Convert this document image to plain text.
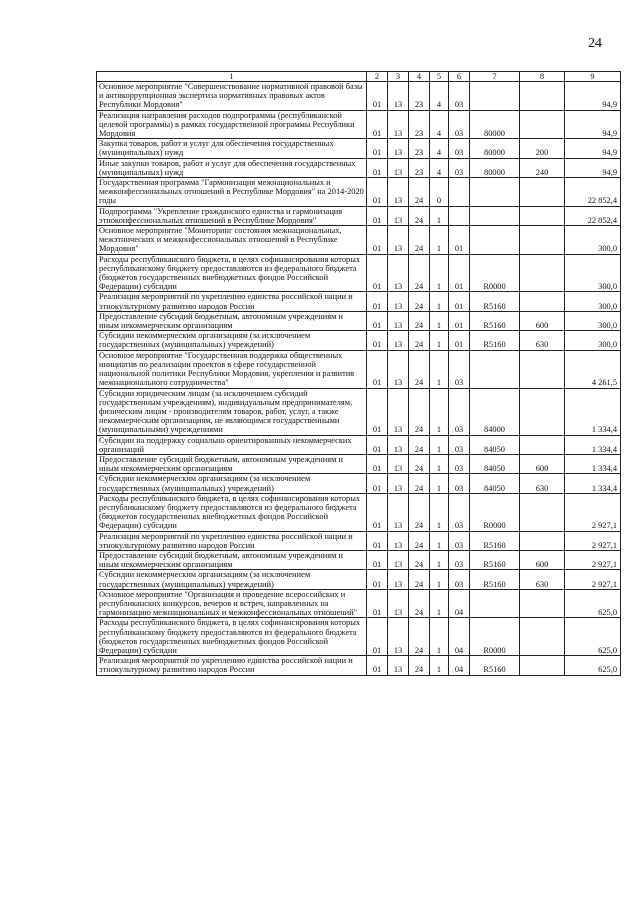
24
1	2	3	4	5	6	7	8	9
Основное мероприятие "Совершенствование нормативной правовой базы и антикоррупционная экспертиза нормативных правовых актов Республики Мордовия"	01	13	23	4	03			94,9
Реализация направления расходов подпрограммы (республиканской целевой программы) в рамках государственной программы Республики Мордовия	01	13	23	4	03	80000		94,9
Закупка товаров, работ и услуг для обеспечения государственных (муниципальных) нужд	01	13	23	4	03	80000	200	94,9
Иные закупки товаров, работ и услуг для обеспечения государственных (муниципальных) нужд	01	13	23	4	03	80000	240	94,9
Государственная программа "Гармонизация межнациональных и межконфессиональных отношений в Республике Мордовия" на 2014-2020 годы	01	13	24	0				22 852,4
Подпрограмма "Укрепление гражданского единства и гармонизация этноконфессиональных отношений в Республике Мордовия"	01	13	24	1				22 852,4
Основное мероприятие "Мониторинг состояния межнациональных, межэтнических и межконфессиональных отношений в Республике Мордовия"	01	13	24	1	01			300,0
Расходы республиканского бюджета, в целях софинансирования которых республиканскому бюджету предоставляются из федерального бюджета (бюджетов государственных внебюджетных фондов Российской Федерации) субсидии	01	13	24	1	01	R0000		300,0
Реализация мероприятий по укреплению единства российской нации и этнокультурному развитию народов России	01	13	24	1	01	R5160		300,0
Предоставление субсидий бюджетным, автономным учреждениям и иным некоммерческим организациям	01	13	24	1	01	R5160	600	300,0
Субсидии некоммерческим организациям (за исключением государственных (муниципальных) учреждений)	01	13	24	1	01	R5160	630	300,0
Основное мероприятие "Государственная поддержка общественных инициатив по реализации проектов в сфере государственной национальной политики Республики Мордовия, укрепления и развития межнационального сотрудничества"	01	13	24	1	03			4 261,5
Субсидии юридическим лицам (за исключением субсидий государственным учреждениям), индивидуальным предпринимателям, физическим лицам - производителям товаров, работ, услуг, а также некоммерческим организациям, не являющимся государственными (муниципальными) учреждениями	01	13	24	1	03	84000		1 334,4
Субсидии на поддержку социально ориентированных некоммерческих организаций	01	13	24	1	03	84050		1 334,4
Предоставление субсидий бюджетным, автономным учреждениям и иным некоммерческим организациям	01	13	24	1	03	84050	600	1 334,4
Субсидии некоммерческим организациям (за исключением государственных (муниципальных) учреждений)	01	13	24	1	03	84050	630	1 334,4
Расходы республиканского бюджета, в целях софинансирования которых республиканскому бюджету предоставляются из федерального бюджета (бюджетов государственных внебюджетных фондов Российской Федерации) субсидии	01	13	24	1	03	R0000		2 927,1
Реализация мероприятий по укреплению единства российской нации и этнокультурному развитию народов России	01	13	24	1	03	R5160		2 927,1
Предоставление субсидий бюджетным, автономным учреждениям и иным некоммерческим организациям	01	13	24	1	03	R5160	600	2 927,1
Субсидии некоммерческим организациям (за исключением государственных (муниципальных) учреждений)	01	13	24	1	03	R5160	630	2 927,1
Основное мероприятие "Организация и проведение всероссийских и республиканских конкурсов, вечеров и встреч, направленных на гармонизацию межнациональных и межконфессиональных отношений"	01	13	24	1	04			625,0
Расходы республиканского бюджета, в целях софинансирования которых республиканскому бюджету предоставляются из федерального бюджета (бюджетов государственных внебюджетных фондов Российской Федерации) субсидии	01	13	24	1	04	R0000		625,0
Реализация мероприятий по укреплению единства российской нации и этнокультурному развитию народов России	01	13	24	1	04	R5160		625,0
